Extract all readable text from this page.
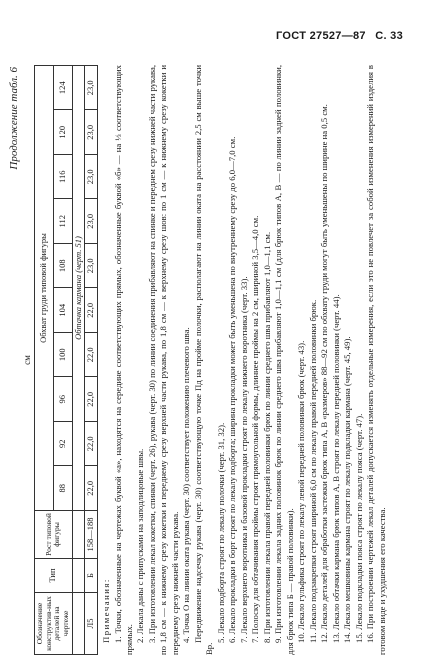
ГОСТ 27527—87 С. 33
Продолжение табл. 6
см
Обозначение конструктив-ных деталей на чертеже	Тип	Рост типовой фигуры	Обхват груди типовой фигуры									
			88	92	96	100	104	108	112	116	120	124
			Обтачка кармана (черт. 51)									
Л5	Б	158—188	22,0	22,0	22,0	22,0	22,0	23,0	23,0	23,0	23,0	23,0

Примечания: 1. Точки, обозначенные на чертежах буквой «а», находятся на середине соответствующих прямых, обозначенные буквой «б» — на ⅓ соответствующих прямых. 2. Лекала даны с припусками на заподлицовые швы. 3. При изготовлении лекал кокетки, спинки (черт. 26), рукава (черт. 30) по линии соединения прибавляют на спинке и переднем срезу нижней части рукава, по 1,8 см — к нижнему срезу кокетки и переднему срезу верхней части рукава, по 1,8 см — к верхнему срезу шов: по 1 см — к нижнему срезу кокетки и переднему срезу нижней части рукава. 4. Точка О на линии оката рукава (черт. 30) соответствует положению плечевого шва. Передвижение надсечку рукава (черт. 30) соответствующую точке Пд на пройме полочки, располагают на линии оката на расстоянии 2,5 см выше точки Вр.

5. Лекало подборта строят по лекалу полочки (черт. 31, 32). 6. Лекало прокладки в борт строят по лекалу подборта; ширина прокладки может быть уменьшена по внутреннему срезу до 6,0—7,0 см. 7. Лекало верхнего воротника и базовой прокладки строят по лекалу нижнего воротника (черт. 33). 7. Полоску для обтачивания проймы строят прямоугольной формы, длиннее проймы на 2 см, шириной 3,5—4,0 см. 8. При изготовлении лекала правой передней половинки брюк по линии среднего шва прибавляют 1,0—1,1 см. 9. При изготовлении лекала задних половинок брюк по линии среднего шва прибавляют 1,0—1,1 см (для брюк типов А, В — по линии задней половинки, для брюк типа Б — правой половинки). 10. Лекало гульфика строят по лекалу левой передней половинки брюк (черт. 43). 11. Лекало подзакрепки строят шириной 6,0 см по лекалу правой передней половинки брюк. 12. Лекало деталей для обработки застежки брюк типа А, В «размеров» 88—92 см по обхвату груди могут быть уменьшены по ширине на 0,5 см. 13. Лекало обтачки кармана брюк типов А, В строят по лекалу передней половинки (черт. 44). 14. Лекало мешковины кармана строят по лекалу подкладки кармана (черт. 45, 49). 15. Лекало подкладки пояса строят по лекалу пояса (черт. 47). 16. При построении чертежей лекал деталей допускается изменять отдельные измерения, если это не повлечет за собой изменения измерений изделия в готовом виде и ухудшения его качества.
